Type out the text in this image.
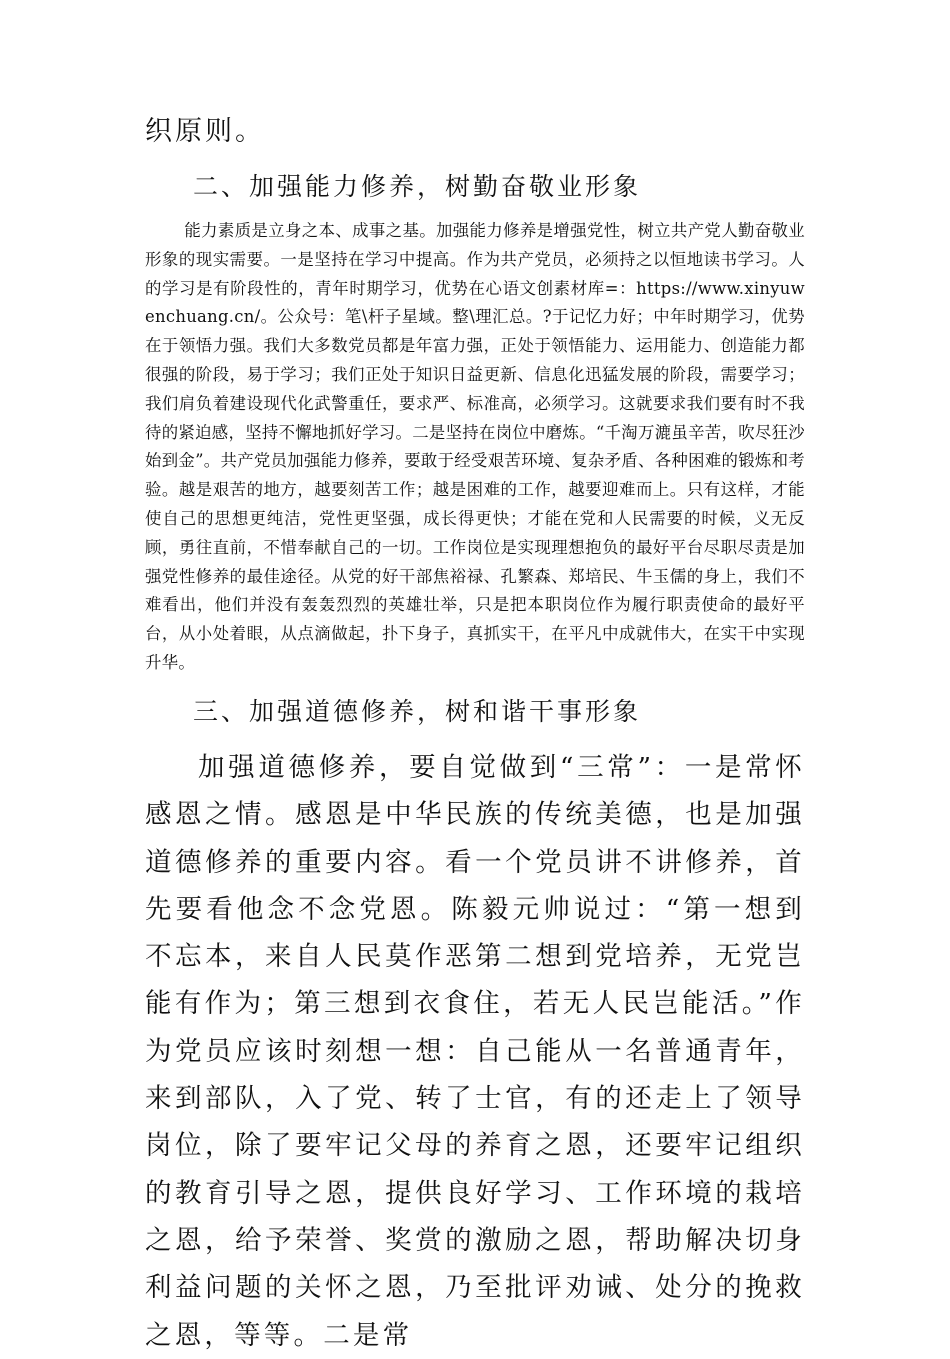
织原则。

二、加强能力修养，树勤奋敬业形象

能力素质是立身之本、成事之基。加强能力修养是增强党性，树立共产党人勤奋敬业形象的现实需要。一是坚持在学习中提高。作为共产党员，必须持之以恒地读书学习。人的学习是有阶段性的，青年时期学习，优势在心语文创素材库=：https://www.xinyuwenchuang.cn/。公众号：笔\杆子星域。整\理汇总。?于记忆力好；中年时期学习，优势在于领悟力强。我们大多数党员都是年富力强，正处于领悟能力、运用能力、创造能力都很强的阶段，易于学习；我们正处于知识日益更新、信息化迅猛发展的阶段，需要学习；我们肩负着建设现代化武警重任，要求严、标准高，必须学习。这就要求我们要有时不我待的紧迫感，坚持不懈地抓好学习。二是坚持在岗位中磨炼。“千淘万漉虽辛苦，吹尽狂沙始到金”。共产党员加强能力修养，要敢于经受艰苦环境、复杂矛盾、各种困难的锻炼和考验。越是艰苦的地方，越要刻苦工作；越是困难的工作，越要迎难而上。只有这样，才能使自己的思想更纯洁，党性更坚强，成长得更快；才能在党和人民需要的时候，义无反顾，勇往直前，不惜奉献自己的一切。工作岗位是实现理想抱负的最好平台尽职尽责是加强党性修养的最佳途径。从党的好干部焦裕禄、孔繁森、郑培民、牛玉儒的身上，我们不难看出，他们并没有轰轰烈烈的英雄壮举，只是把本职岗位作为履行职责使命的最好平台，从小处着眼，从点滴做起，扑下身子，真抓实干，在平凡中成就伟大，在实干中实现升华。

三、加强道德修养，树和谐干事形象

加强道德修养，要自觉做到“三常”：一是常怀感恩之情。感恩是中华民族的传统美德，也是加强道德修养的重要内容。看一个党员讲不讲修养，首先要看他念不念党恩。陈毅元帅说过：“第一想到不忘本，来自人民莫作恶第二想到党培养，无党岂能有作为；第三想到衣食住，若无人民岂能活。”作为党员应该时刻想一想：自己能从一名普通青年，来到部队，入了党、转了士官，有的还走上了领导岗位，除了要牢记父母的养育之恩，还要牢记组织的教育引导之恩，提供良好学习、工作环境的栽培之恩，给予荣誉、奖赏的激励之恩，帮助解决切身利益问题的关怀之恩，乃至批评劝诫、处分的挽救之恩，等等。二是常
